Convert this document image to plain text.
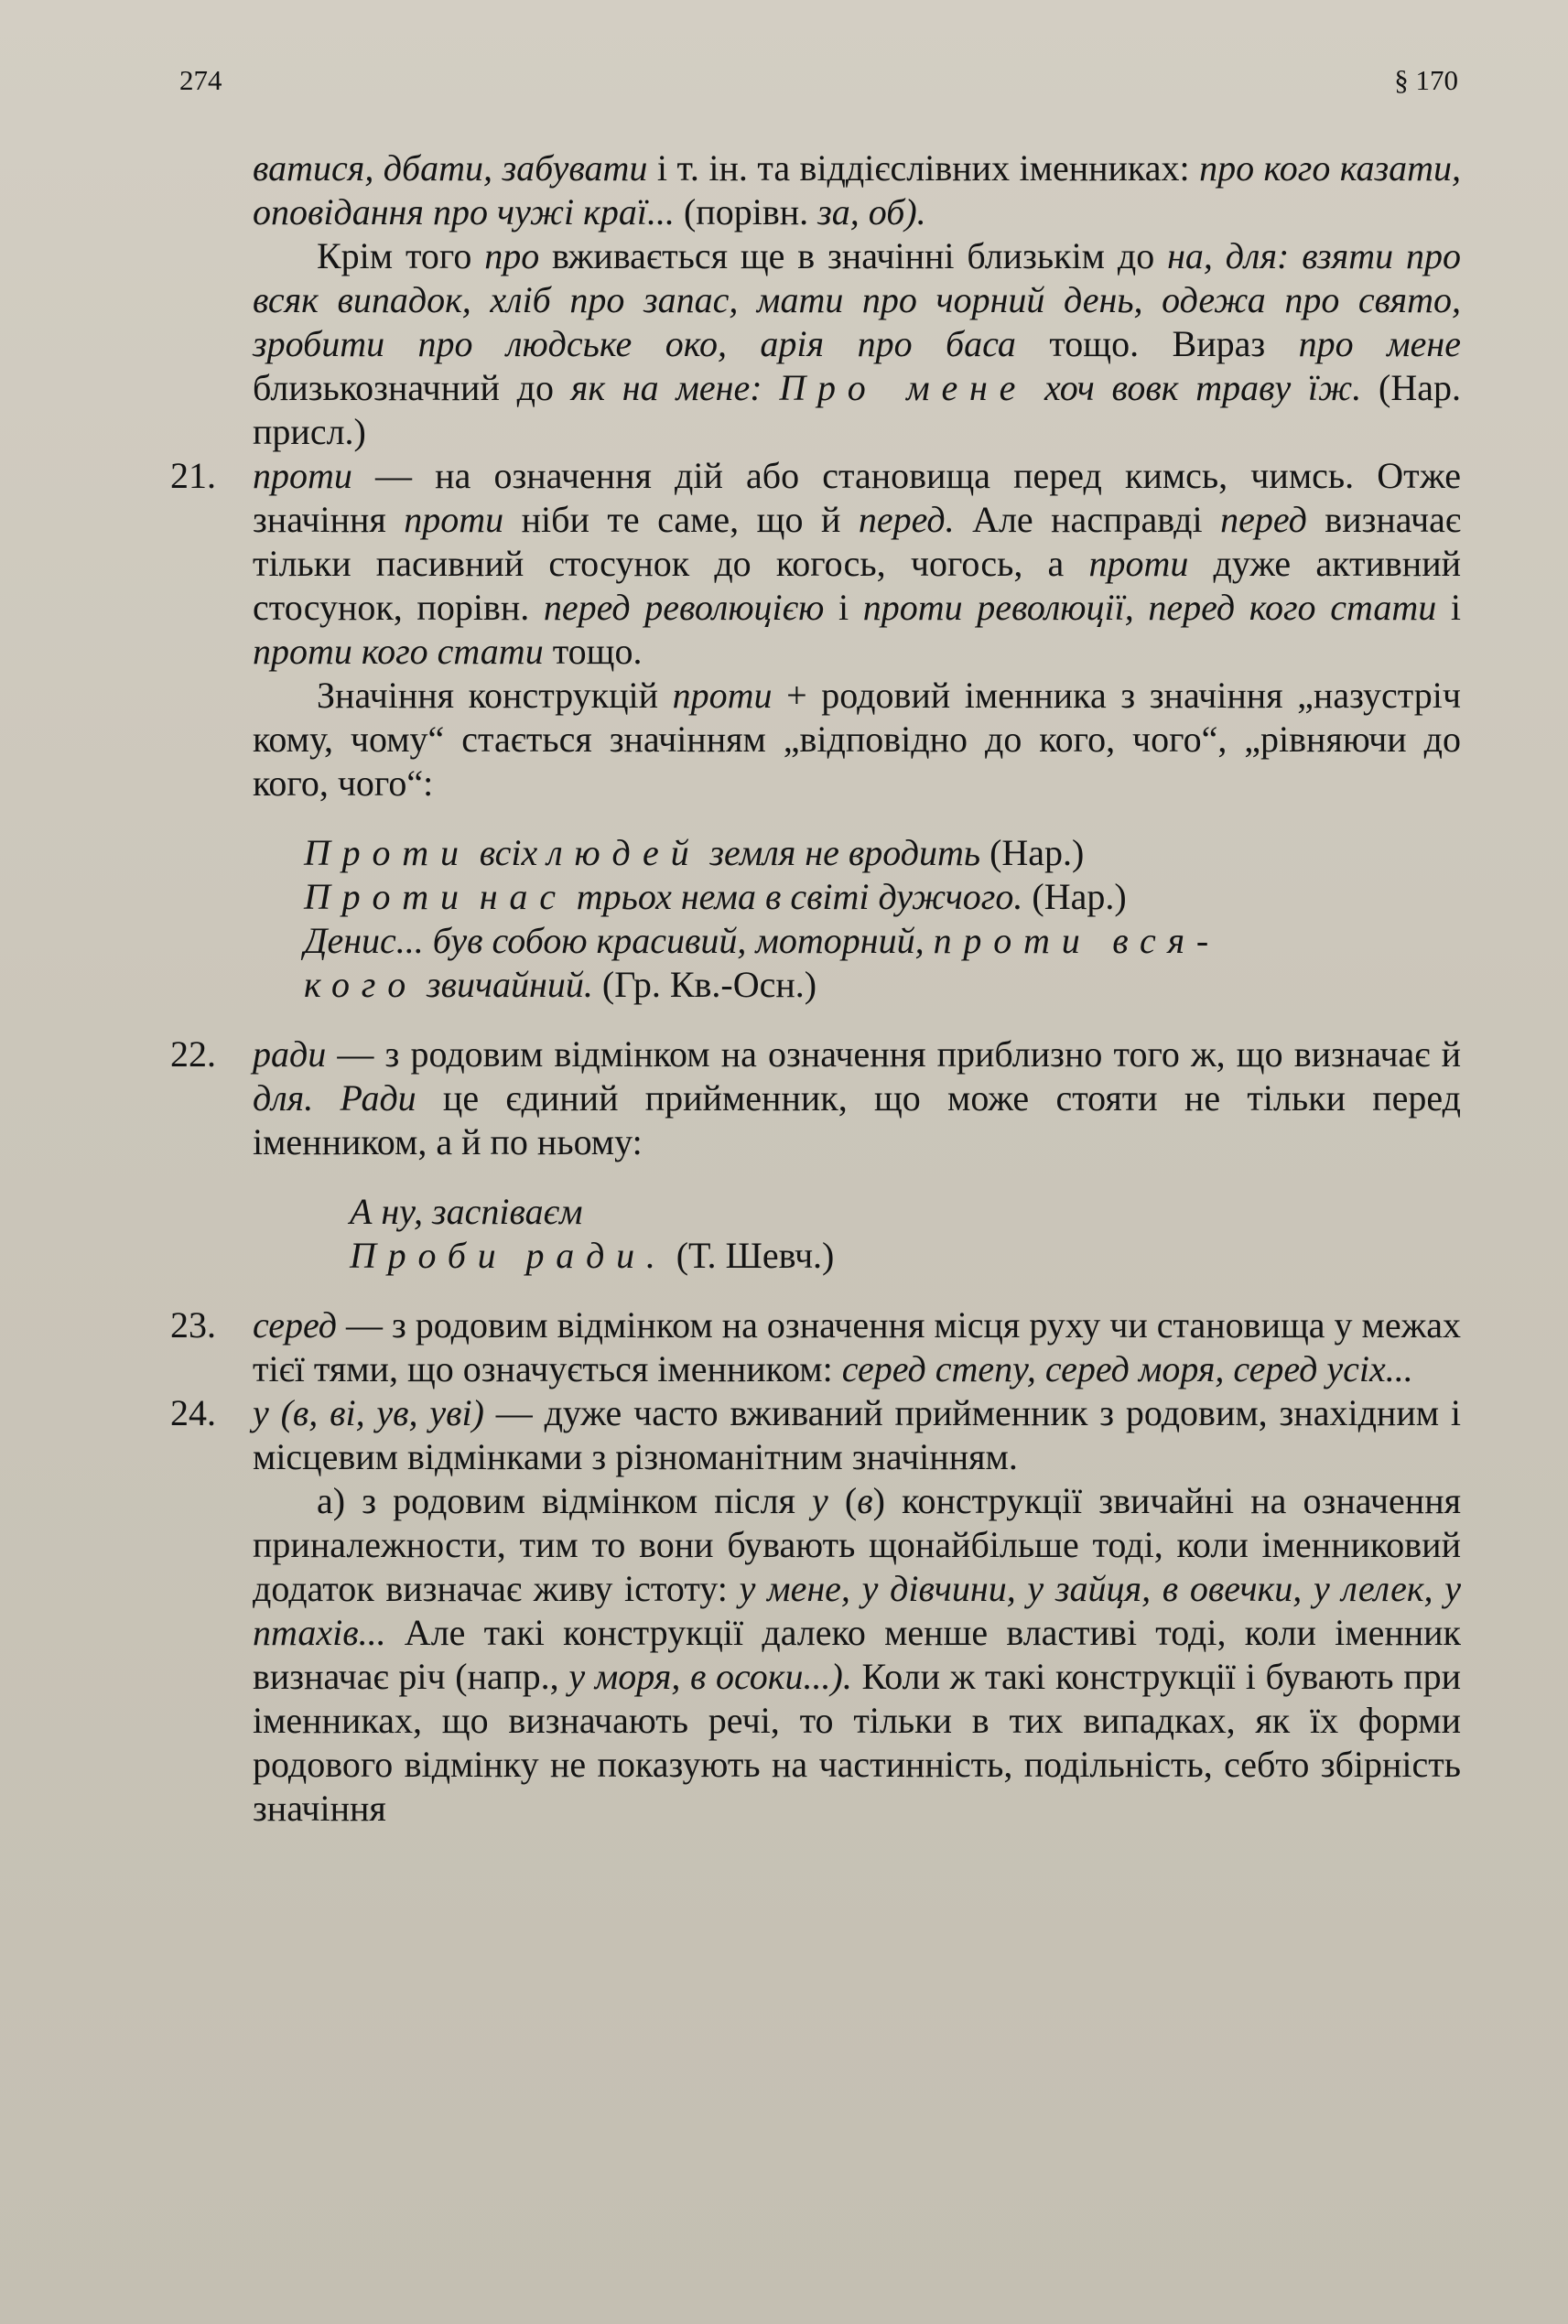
274	§ 170

ватися, дбати, забувати і т. ін. та віддієслівних іменниках: про кого казати, оповідання про чужі краї... (порівн. за, об).

Крім того про вживається ще в значінні близькім до на, для: взяти про всяк випадок, хліб про запас, мати про чорний день, одежа про свято, зробити про людське око, арія про баса тощо. Вираз про мене близькозначний до як на мене: Про мене хоч вовк траву їж. (Нар. присл.)

21. проти — на означення дій або становища перед кимсь, чимсь. Отже значіння проти ніби те саме, що й перед. Але насправді перед визначає тільки пасивний стосунок до когось, чогось, а проти дуже активний стосунок, порівн. перед революцією і проти революції, перед кого стати і проти кого стати тощо.

Значіння конструкцій проти + родовий іменника з значіння „назустріч кому, чому“ стається значінням „відповідно до кого, чого“, „рівняючи до кого, чого“:

Проти всіх людей земля не вродить (Нар.)
Проти нас трьох нема в світі дужчого. (Нар.)
Денис... був собою красивий, моторний, проти вся-
кого звичайний. (Гр. Кв.-Осн.)
22. ради — з родовим відмінком на означення приблизно того ж, що визначає й для. Ради це єдиний прийменник, що може стояти не тільки перед іменником, а й по ньому:
А ну, заспіваєм
Проби ради. (Т. Шевч.)
23. серед — з родовим відмінком на означення місця руху чи становища у межах тієї тями, що означується іменником: серед степу, серед моря, серед усіх...
24. у (в, ві, ув, уві) — дуже часто вживаний прийменник з родовим, знахідним і місцевим відмінками з різноманітним значінням.

а) з родовим відмінком після у (в) конструкції звичайні на означення приналежности, тим то вони бувають щонайбільше тоді, коли іменниковий додаток визначає живу істоту: у мене, у дівчини, у зайця, в овечки, у лелек, у птахів... Але такі конструкції далеко менше властиві тоді, коли іменник визначає річ (напр., у моря, в осоки...). Коли ж такі конструкції і бувають при іменниках, що визначають речі, то тільки в тих випадках, як їх форми родового відмінку не показують на частинність, подільність, себто збірність значіння
